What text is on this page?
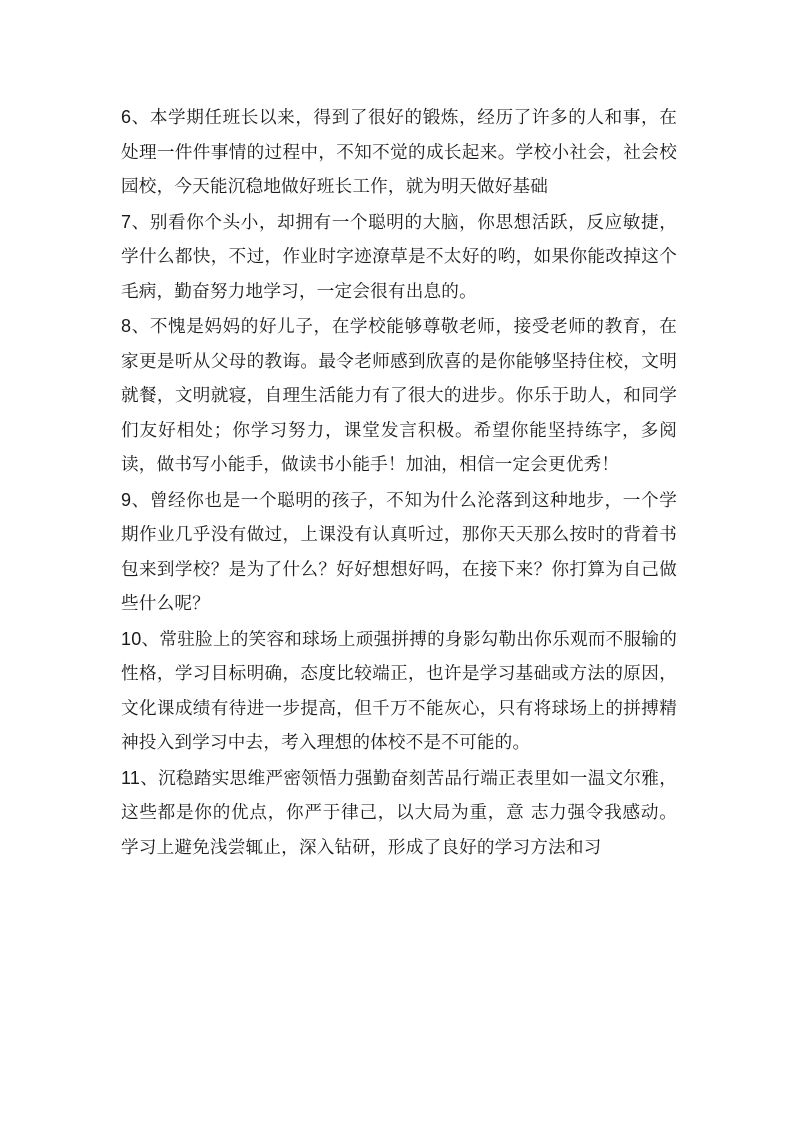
6、本学期任班长以来，得到了很好的锻炼，经历了许多的人和事，在处理一件件事情的过程中，不知不觉的成长起来。学校小社会，社会校园校，今天能沉稳地做好班长工作，就为明天做好基础

7、别看你个头小，却拥有一个聪明的大脑，你思想活跃，反应敏捷，学什么都快，不过，作业时字迹潦草是不太好的哟，如果你能改掉这个毛病，勤奋努力地学习，一定会很有出息的。

8、不愧是妈妈的好儿子，在学校能够尊敬老师，接受老师的教育，在家更是听从父母的教诲。最令老师感到欣喜的是你能够坚持住校，文明就餐，文明就寝，自理生活能力有了很大的进步。你乐于助人，和同学们友好相处；你学习努力，课堂发言积极。希望你能坚持练字，多阅读，做书写小能手，做读书小能手！加油，相信一定会更优秀！

9、曾经你也是一个聪明的孩子，不知为什么沦落到这种地步，一个学期作业几乎没有做过，上课没有认真听过，那你天天那么按时的背着书包来到学校？是为了什么？好好想想好吗，在接下来？你打算为自己做些什么呢？

10、常驻脸上的笑容和球场上顽强拼搏的身影勾勒出你乐观而不服输的性格，学习目标明确，态度比较端正，也许是学习基础或方法的原因，文化课成绩有待进一步提高，但千万不能灰心，只有将球场上的拼搏精神投入到学习中去，考入理想的体校不是不可能的。

11、沉稳踏实思维严密领悟力强勤奋刻苦品行端正表里如一温文尔雅，这些都是你的优点，你严于律己，以大局为重，意 志力强令我感动。学习上避免浅尝辄止，深入钻研，形成了良好的学习方法和习
